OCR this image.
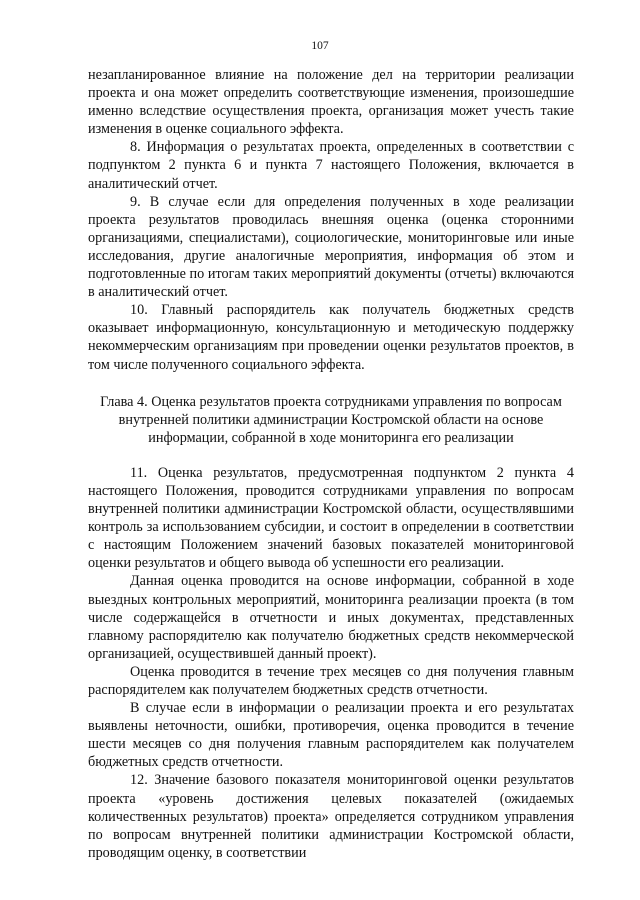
107

незапланированное влияние на положение дел на территории реализации проекта и она может определить соответствующие изменения, произошедшие именно вследствие осуществления проекта, организация может учесть такие изменения в оценке социального эффекта.

8. Информация о результатах проекта, определенных в соответствии с подпунктом 2 пункта 6 и пункта 7 настоящего Положения, включается в аналитический отчет.

9. В случае если для определения полученных в ходе реализации проекта результатов проводилась внешняя оценка (оценка сторонними организациями, специалистами), социологические, мониторинговые или иные исследования, другие аналогичные мероприятия, информация об этом и подготовленные по итогам таких мероприятий документы (отчеты) включаются в аналитический отчет.

10. Главный распорядитель как получатель бюджетных средств оказывает информационную, консультационную и методическую поддержку некоммерческим организациям при проведении оценки результатов проектов, в том числе полученного социального эффекта.

Глава 4. Оценка результатов проекта сотрудниками управления по вопросам внутренней политики администрации Костромской области на основе информации, собранной в ходе мониторинга его реализации

11. Оценка результатов, предусмотренная подпунктом 2 пункта 4 настоящего Положения, проводится сотрудниками управления по вопросам внутренней политики администрации Костромской области, осуществлявшими контроль за использованием субсидии, и состоит в определении в соответствии с настоящим Положением значений базовых показателей мониторинговой оценки результатов и общего вывода об успешности его реализации.

Данная оценка проводится на основе информации, собранной в ходе выездных контрольных мероприятий, мониторинга реализации проекта (в том числе содержащейся в отчетности и иных документах, представленных главному распорядителю как получателю бюджетных средств некоммерческой организацией, осуществившей данный проект).

Оценка проводится в течение трех месяцев со дня получения главным распорядителем как получателем бюджетных средств отчетности.

В случае если в информации о реализации проекта и его результатах выявлены неточности, ошибки, противоречия, оценка проводится в течение шести месяцев со дня получения главным распорядителем как получателем бюджетных средств отчетности.

12. Значение базового показателя мониторинговой оценки результатов проекта «уровень достижения целевых показателей (ожидаемых количественных результатов) проекта» определяется сотрудником управления по вопросам внутренней политики администрации Костромской области, проводящим оценку, в соответствии
